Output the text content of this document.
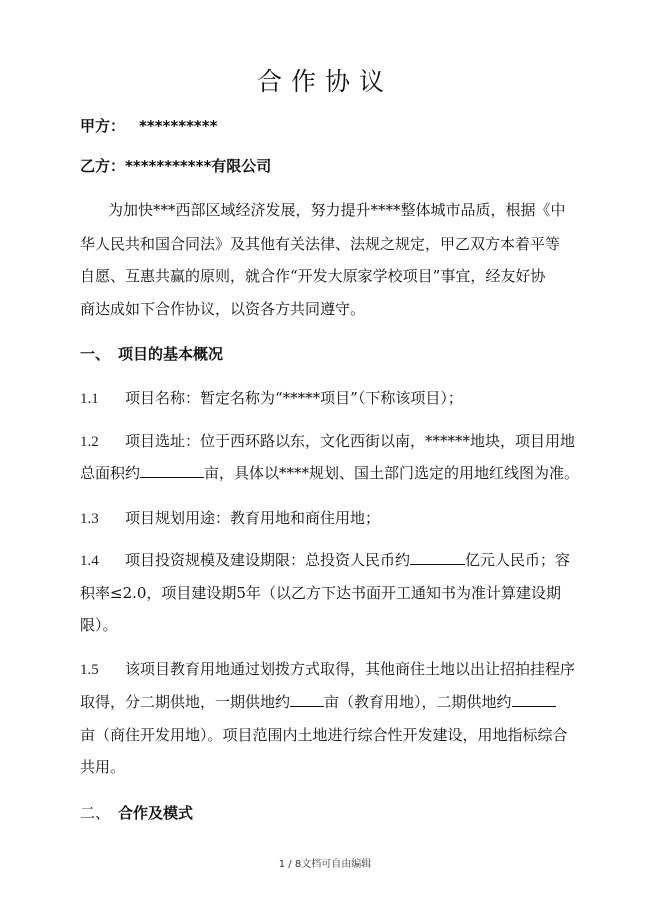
合作协议
甲方： **********
乙方：***********有限公司
为加快***西部区域经济发展，努力提升****整体城市品质，根据《中
华人民共和国合同法》及其他有关法律、法规之规定，甲乙双方本着平等
自愿、互惠共赢的原则，就合作“开发大原家学校项目”事宜，经友好协
商达成如下合作协议，以资各方共同遵守。
一、 项目的基本概况
1.1 项目名称：暂定名称为“*****项目”（下称该项目）；
1.2 项目选址：位于西环路以东，文化西街以南，******地块，项目用地
总面积约	亩，具体以****规划、国土部门选定的用地红线图为准。
1.3 项目规划用途：教育用地和商住用地；
1.4 项目投资规模及建设期限：总投资人民币约	亿元人民币；容
积率≤2.0，项目建设期5年（以乙方下达书面开工通知书为准计算建设期
限）。
1.5 该项目教育用地通过划拨方式取得，其他商住土地以出让招拍挂程序
取得，分二期供地，一期供地约 亩（教育用地），二期供地约
亩（商住开发用地）。项目范围内土地进行综合性开发建设，用地指标综合
共用。
二、 合作及模式
1 / 8文档可自由编辑
